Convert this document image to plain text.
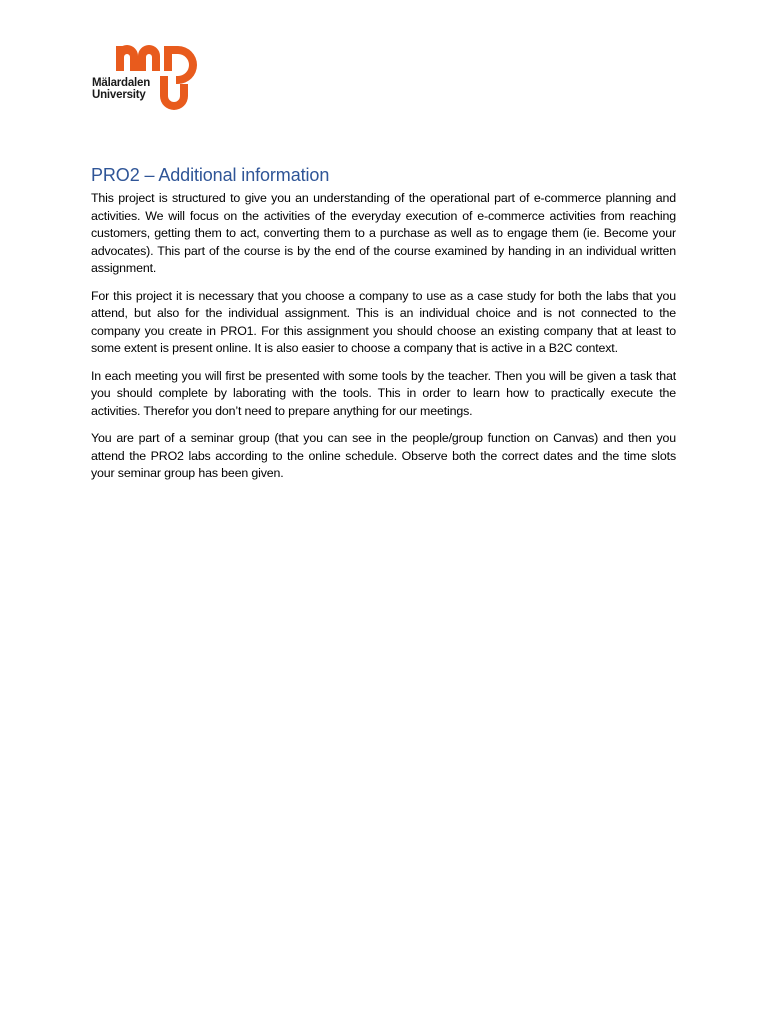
Mälardalen
University
PRO2 – Additional information

This project is structured to give you an understanding of the operational part of e-commerce planning and activities. We will focus on the activities of the everyday execution of e-commerce activities from reaching customers, getting them to act, converting them to a purchase as well as to engage them (ie. Become your advocates). This part of the course is by the end of the course examined by handing in an individual written assignment.

For this project it is necessary that you choose a company to use as a case study for both the labs that you attend, but also for the individual assignment. This is an individual choice and is not connected to the company you create in PRO1. For this assignment you should choose an existing company that at least to some extent is present online. It is also easier to choose a company that is active in a B2C context.

In each meeting you will first be presented with some tools by the teacher. Then you will be given a task that you should complete by laborating with the tools. This in order to learn how to practically execute the activities. Therefor you don’t need to prepare anything for our meetings.

You are part of a seminar group (that you can see in the people/group function on Canvas) and then you attend the PRO2 labs according to the online schedule. Observe both the correct dates and the time slots your seminar group has been given.
